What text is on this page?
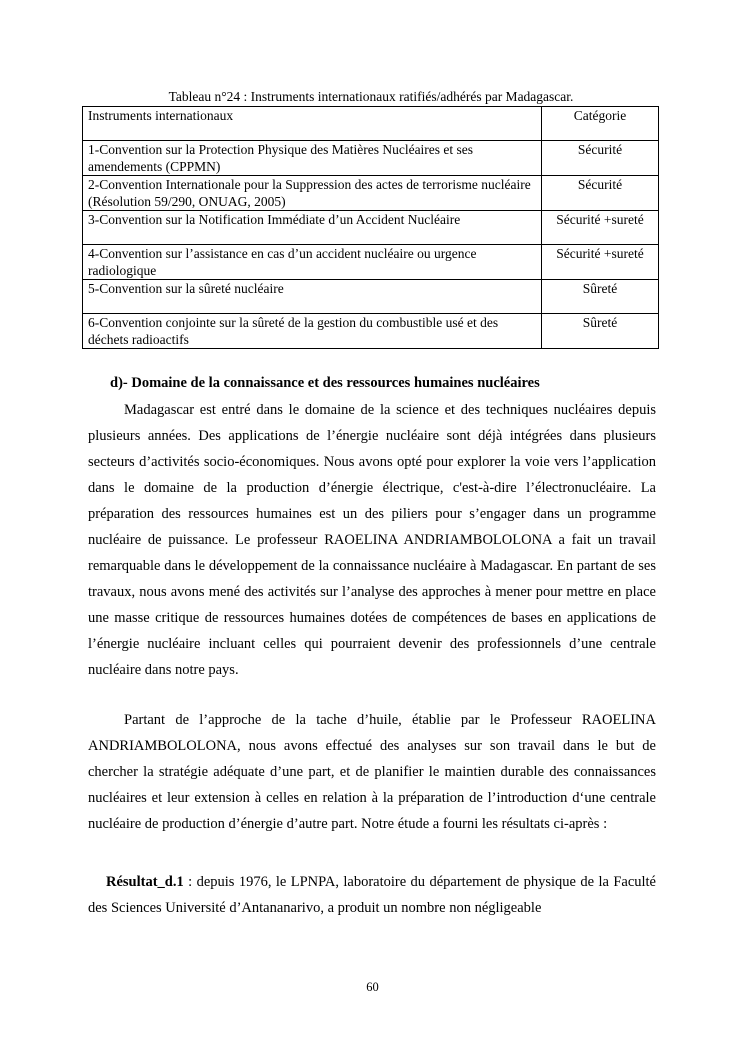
Tableau n°24 : Instruments internationaux ratifiés/adhérés par Madagascar.
Instruments internationaux	Catégorie
1-Convention sur la Protection Physique des Matières Nucléaires et ses amendements (CPPMN)	Sécurité
2-Convention Internationale pour la Suppression des actes de terrorisme nucléaire (Résolution 59/290, ONUAG, 2005)	Sécurité
3-Convention sur la Notification Immédiate d’un Accident Nucléaire	Sécurité +sureté
4-Convention sur l’assistance en cas d’un accident nucléaire ou urgence radiologique	Sécurité +sureté
5-Convention sur la sûreté nucléaire	Sûreté
6-Convention conjointe sur la sûreté de la gestion du combustible usé et des déchets radioactifs	Sûreté
d)- Domaine de la connaissance et des ressources humaines nucléaires

Madagascar est entré dans le domaine de la science et des techniques nucléaires depuis plusieurs années. Des applications de l’énergie nucléaire sont déjà intégrées dans plusieurs secteurs d’activités socio-économiques. Nous avons opté pour explorer la voie vers l’application dans le domaine de la production d’énergie électrique, c'est-à-dire l’électronucléaire. La préparation des ressources humaines est un des piliers pour s’engager dans un programme nucléaire de puissance. Le professeur RAOELINA ANDRIAMBOLOLONA a fait un travail remarquable dans le développement de la connaissance nucléaire à Madagascar. En partant de ses travaux, nous avons mené des activités sur l’analyse des approches à mener pour mettre en place une masse critique de ressources humaines dotées de compétences de bases en applications de l’énergie nucléaire incluant celles qui pourraient devenir des professionnels d’une centrale nucléaire dans notre pays.

Partant de l’approche de la tache d’huile, établie par le Professeur RAOELINA ANDRIAMBOLOLONA, nous avons effectué des analyses sur son travail dans le but de chercher la stratégie adéquate d’une part, et de planifier le maintien durable des connaissances nucléaires et leur extension à celles en relation à la préparation de l’introduction d‘une centrale nucléaire de production d’énergie d’autre part. Notre étude a fourni les résultats ci-après :

Résultat_d.1 : depuis 1976, le LPNPA, laboratoire du département de physique de la Faculté des Sciences Université d’Antananarivo, a produit un nombre non négligeable

60
